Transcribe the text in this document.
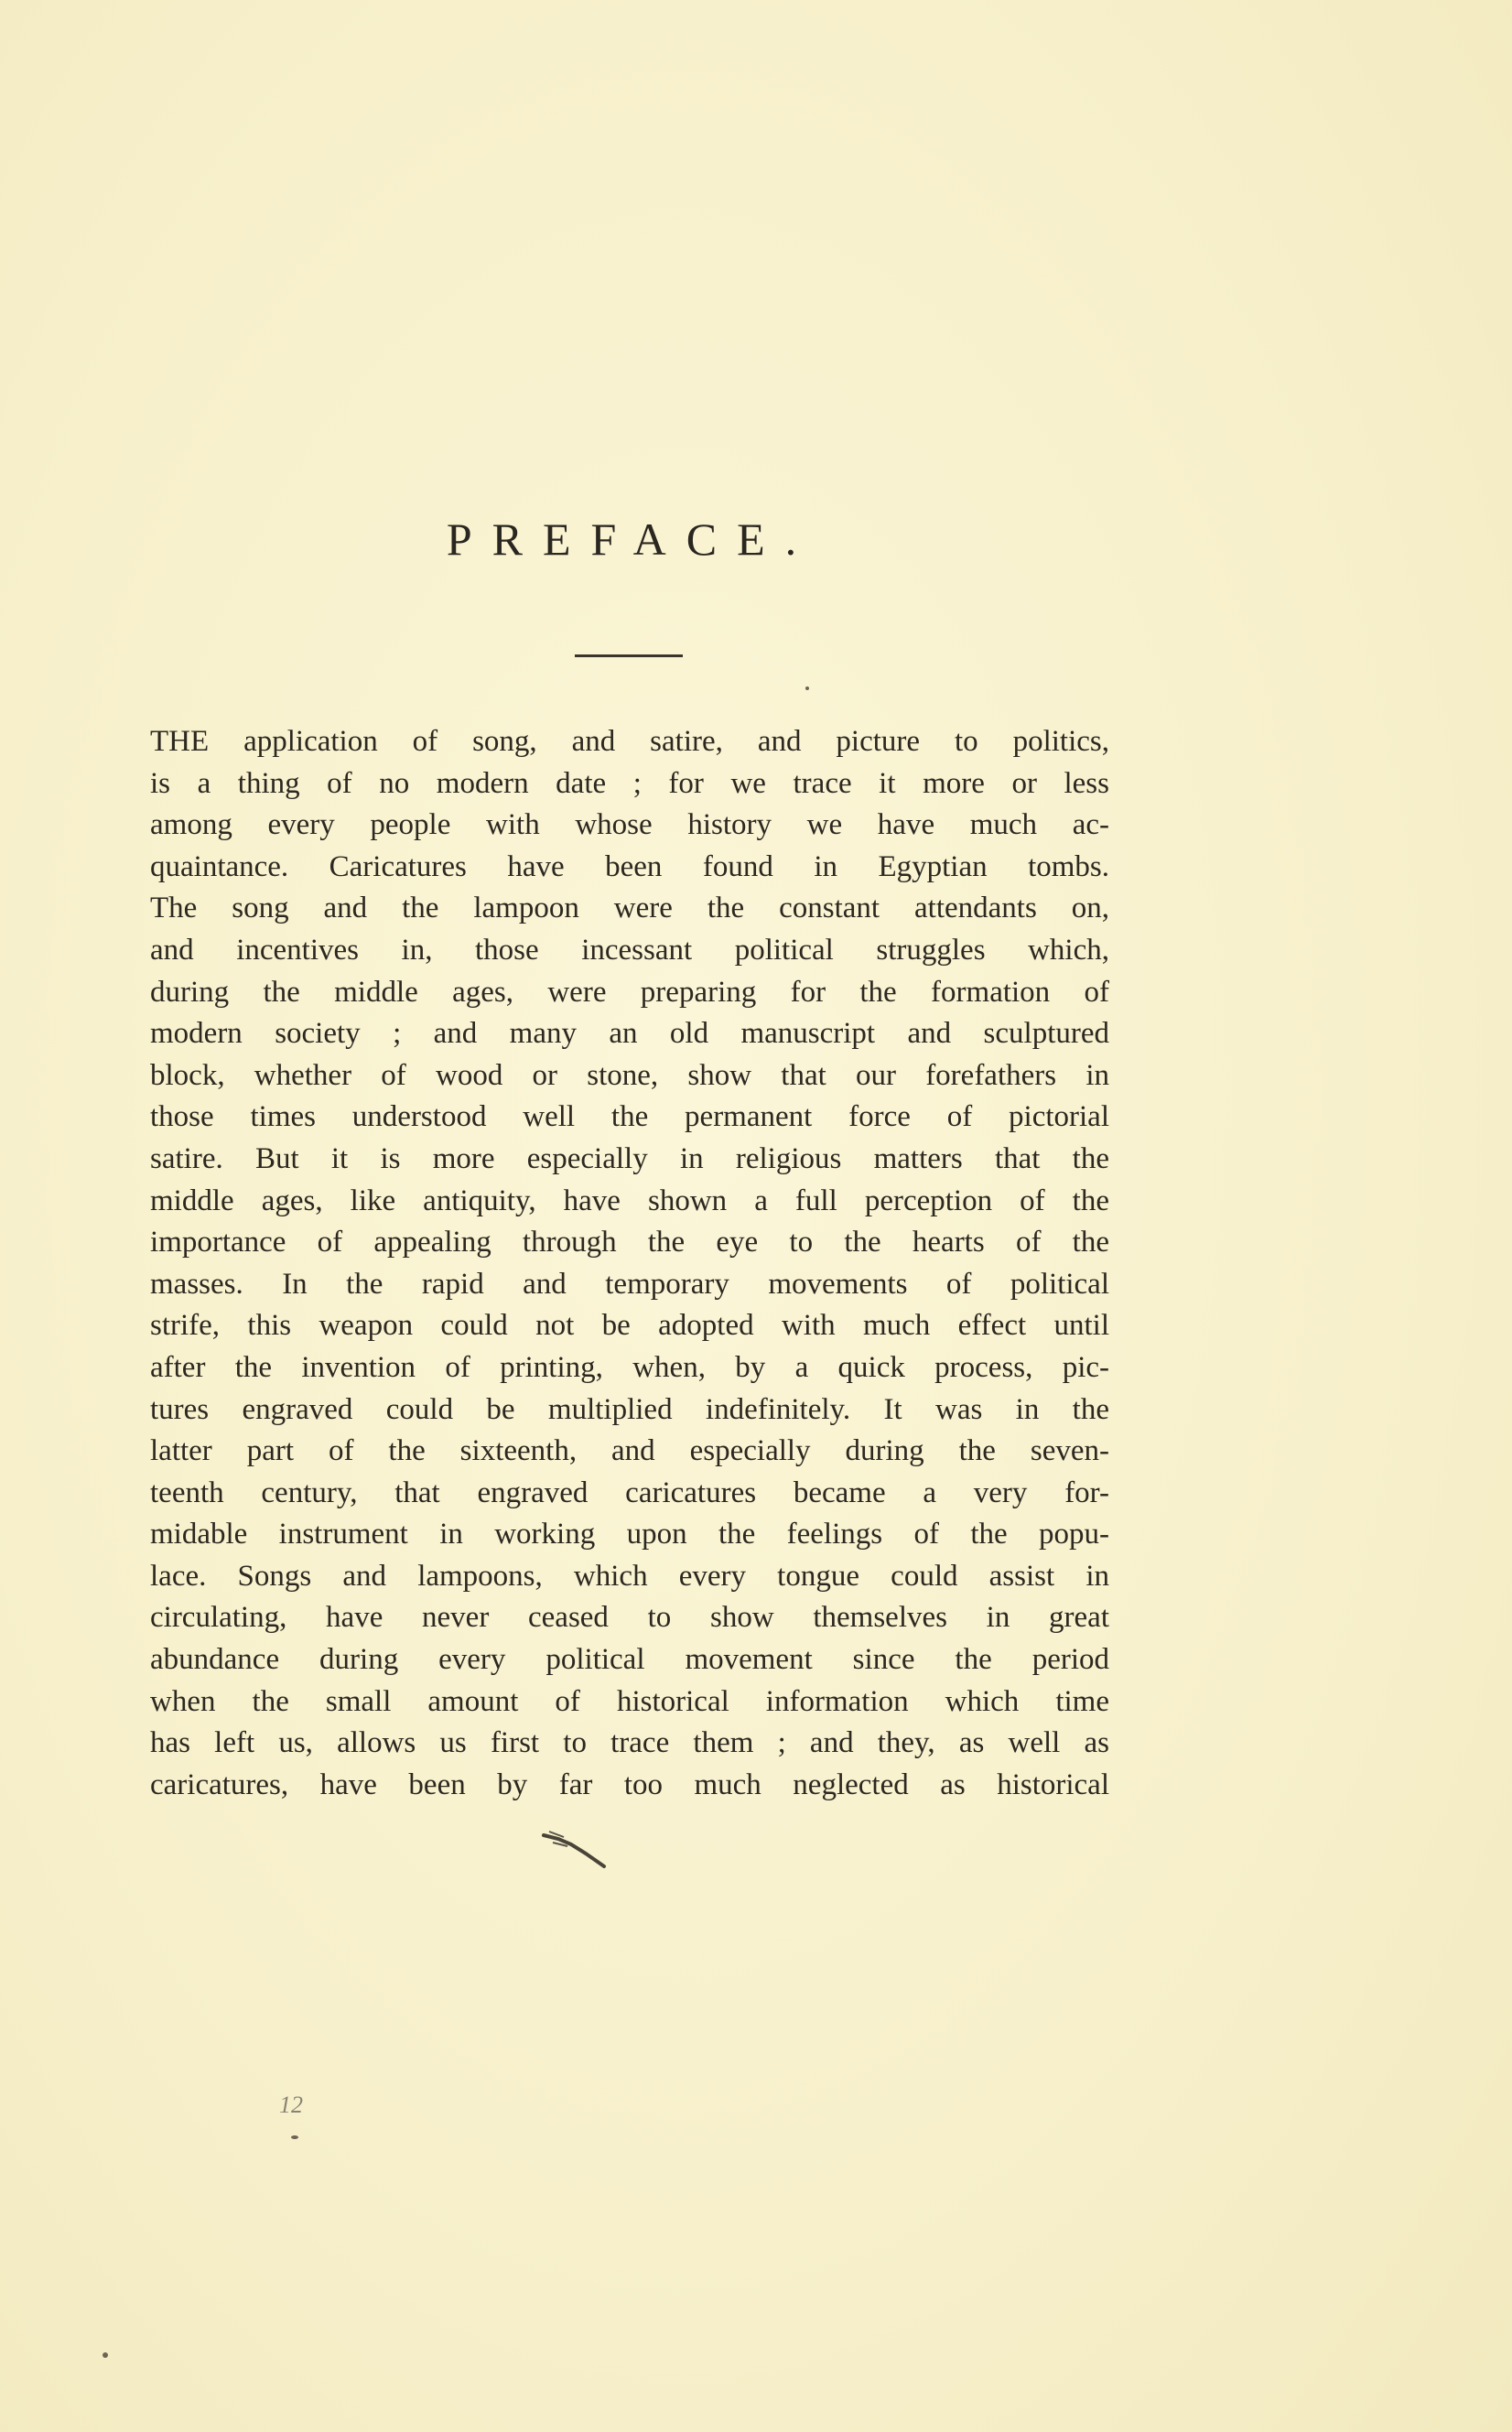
PREFACE.
THE application of song, and satire, and picture to politics,
is a thing of no modern date ; for we trace it more or less
among every people with whose history we have much ac-
quaintance. Caricatures have been found in Egyptian tombs.
The song and the lampoon were the constant attendants on,
and incentives in, those incessant political struggles which,
during the middle ages, were preparing for the formation of
modern society ; and many an old manuscript and sculptured
block, whether of wood or stone, show that our forefathers in
those times understood well the permanent force of pictorial
satire. But it is more especially in religious matters that the
middle ages, like antiquity, have shown a full perception of the
importance of appealing through the eye to the hearts of the
masses. In the rapid and temporary movements of political
strife, this weapon could not be adopted with much effect until
after the invention of printing, when, by a quick process, pic-
tures engraved could be multiplied indefinitely. It was in the
latter part of the sixteenth, and especially during the seven-
teenth century, that engraved caricatures became a very for-
midable instrument in working upon the feelings of the popu-
lace. Songs and lampoons, which every tongue could assist in
circulating, have never ceased to show themselves in great
abundance during every political movement since the period
when the small amount of historical information which time
has left us, allows us first to trace them ; and they, as well as
caricatures, have been by far too much neglected as historical
12
